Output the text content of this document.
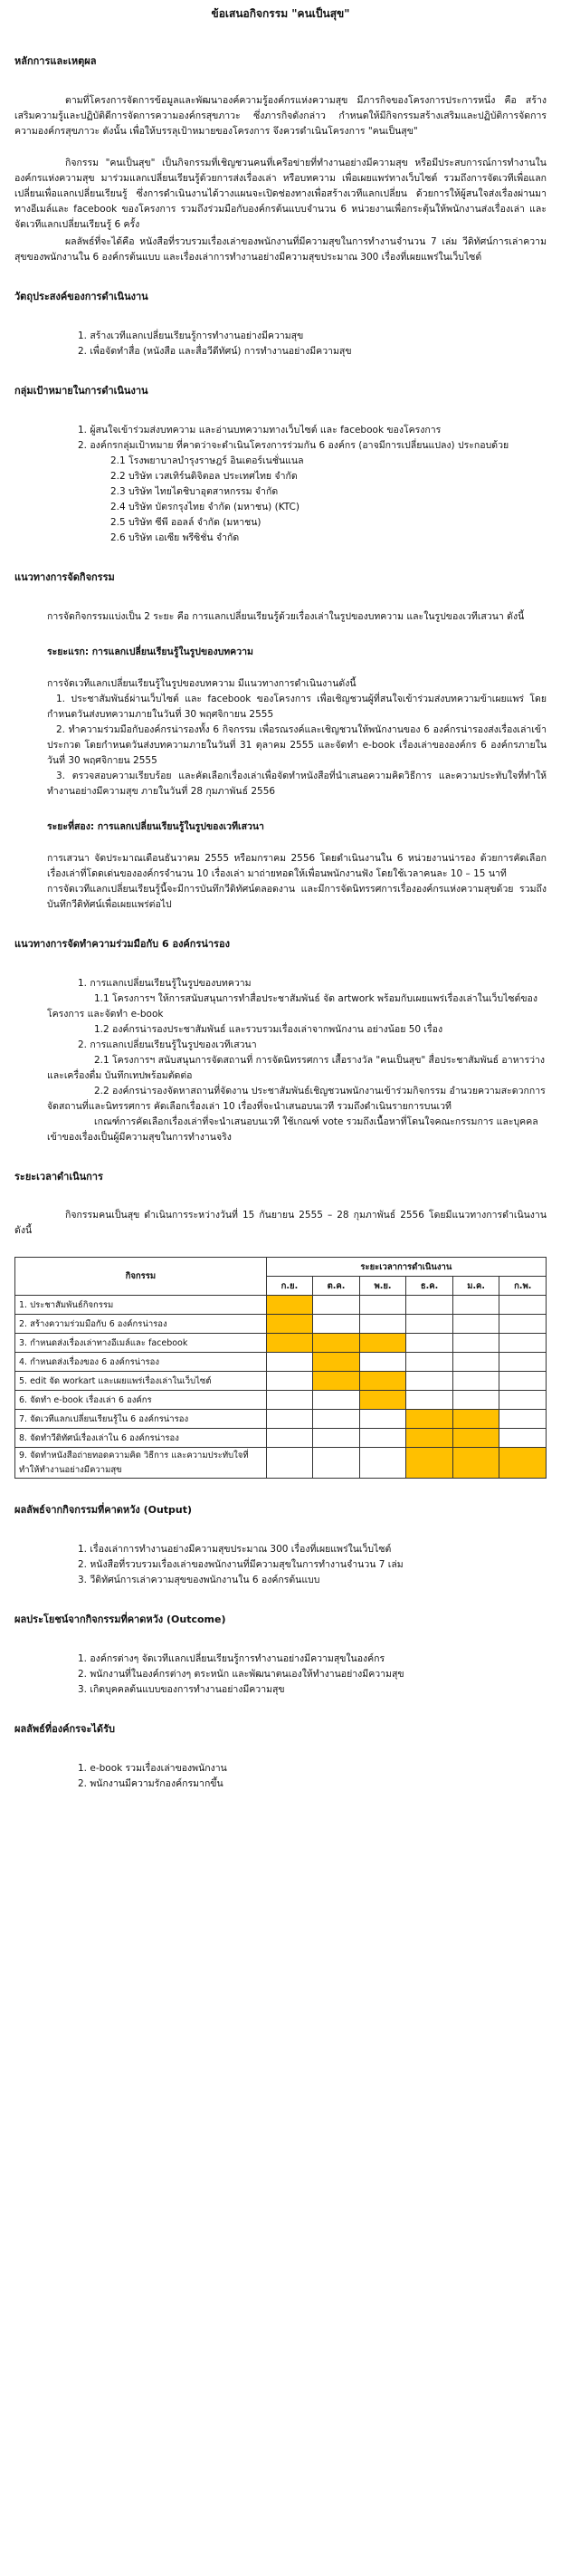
ข้อเสนอกิจกรรม "คนเป็นสุข"
หลักการและเหตุผล
ตามที่โครงการจัดการข้อมูลและพัฒนาองค์ความรู้องค์กรแห่งความสุข มีภารกิจของโครงการประการหนึ่ง คือ สร้างเสริมความรู้และปฏิบัติดีการจัดการความองค์กรสุขภาวะ ซึ่งภารกิจดังกล่าว กำหนดให้มีกิจกรรมสร้างเสริมและปฏิบัติการจัดการความองค์กรสุขภาวะ ดังนั้น เพื่อให้บรรลุเป้าหมายของโครงการ จึงควรดำเนินโครงการ "คนเป็นสุข"
กิจกรรม "คนเป็นสุข" เป็นกิจกรรมที่เชิญชวนคนที่เครือข่ายที่ทำงานอย่างมีความสุข หรือมีประสบการณ์การทำงานในองค์กรแห่งความสุข มาร่วมแลกเปลี่ยนเรียนรู้ด้วยการส่งเรื่องเล่า หรือบทความ เพื่อเผยแพร่ทางเว็บไซต์ รวมถึงการจัดเวทีเพื่อแลกเปลี่ยนเพื่อแลกเปลี่ยนเรียนรู้ ซึ่งการดำเนินงานได้วางแผนจะเปิดช่องทางเพื่อสร้างเวทีแลกเปลี่ยน ด้วยการให้ผู้สนใจส่งเรื่องผ่านมาทางอีเมล์และ facebook ของโครงการ รวมถึงร่วมมือกับองค์กรต้นแบบจำนวน 6 หน่วยงานเพื่อกระตุ้นให้พนักงานส่งเรื่องเล่า และจัดเวทีแลกเปลี่ยนเรียนรู้ 6 ครั้ง
ผลลัพธ์ที่จะได้คือ หนังสือที่รวบรวมเรื่องเล่าของพนักงานที่มีความสุขในการทำงานจำนวน 7 เล่ม วีดิทัศน์การเล่าความสุขของพนักงานใน 6 องค์กรต้นแบบ และเรื่องเล่าการทำงานอย่างมีความสุขประมาณ 300 เรื่องที่เผยแพร่ในเว็บไซต์
วัตถุประสงค์ของการดำเนินงาน
1. สร้างเวทีแลกเปลี่ยนเรียนรู้การทำงานอย่างมีความสุข
2. เพื่อจัดทำสื่อ (หนังสือ และสื่อวีดีทัศน์) การทำงานอย่างมีความสุข
กลุ่มเป้าหมายในการดำเนินงาน
1. ผู้สนใจเข้าร่วมส่งบทความ และอ่านบทความทางเว็บไซต์ และ facebook ของโครงการ
2. องค์กรกลุ่มเป้าหมาย ที่คาดว่าจะดำเนินโครงการร่วมกัน 6 องค์กร (อาจมีการเปลี่ยนแปลง) ประกอบด้วย
2.1 โรงพยาบาลบำรุงราษฎร์ อินเตอร์เนชั่นแนล
2.2 บริษัท เวสเทิร์นดิจิตอล ประเทศไทย จำกัด
2.3 บริษัท ไทยไดชิบาอุตสาหกรรม จำกัด
2.4 บริษัท บัตรกรุงไทย จำกัด (มหาชน) (KTC)
2.5 บริษัท ซีพี ออลล์ จำกัด (มหาชน)
2.6 บริษัท เอเซีย พรีซิชั่น จำกัด
แนวทางการจัดกิจกรรม
การจัดกิจกรรมแบ่งเป็น 2 ระยะ คือ การแลกเปลี่ยนเรียนรู้ด้วยเรื่องเล่าในรูปของบทความ และในรูปของเวทีเสวนา ดังนี้
ระยะแรก: การแลกเปลี่ยนเรียนรู้ในรูปของบทความ
การจัดเวทีแลกเปลี่ยนเรียนรู้ในรูปของบทความ มีแนวทางการดำเนินงานดังนี้
1. ประชาสัมพันธ์ผ่านเว็บไซต์ และ facebook ของโครงการ เพื่อเชิญชวนผู้ที่สนใจเข้าร่วมส่งบทความข้าเผยแพร่ โดยกำหนดวันส่งบทความภายในวันที่ 30 พฤศจิกายน 2555
2. ทำความร่วมมือกับองค์กรน่ารองทั้ง 6 กิจกรรม เพื่อรณรงค์และเชิญชวนให้พนักงานของ 6 องค์กรน่ารองส่งเรื่องเล่าเข้าประกวด โดยกำหนดวันส่งบทความภายในวันที่ 31 ตุลาคม 2555 และจัดทำ e-book เรื่องเล่าขององค์กร 6 องค์กรภายในวันที่ 30 พฤศจิกายน 2555
3. ตรวจสอบความเรียบร้อย และคัดเลือกเรื่องเล่าเพื่อจัดทำหนังสือที่นำเสนอความคิดวิธีการ และความประทับใจที่ทำให้ทำงานอย่างมีความสุข ภายในวันที่ 28 กุมภาพันธ์ 2556
ระยะที่สอง: การแลกเปลี่ยนเรียนรู้ในรูปของเวทีเสวนา
การเสวนา จัดประมาณเดือนธันวาคม 2555 หรือมกราคม 2556 โดยดำเนินงานใน 6 หน่วยงานน่ารอง ด้วยการคัดเลือกเรื่องเล่าที่โดดเด่นขององค์กรจำนวน 10 เรื่องเล่า มาถ่ายทอดให้เพื่อนพนักงานฟัง โดยใช้เวลาคนละ 10 – 15 นาที
การจัดเวทีแลกเปลี่ยนเรียนรู้นี้จะมีการบันทึกวีดิทัศน์ตลอดงาน และมีการจัดนิทรรศการเรื่ององค์กรแห่งความสุขด้วย รวมถึงบันทึกวีดิทัศน์เพื่อเผยแพร่ต่อไป
แนวทางการจัดทำความร่วมมือกับ 6 องค์กรน่ารอง
1. การแลกเปลี่ยนเรียนรู้ในรูปของบทความ
1.1 โครงการฯ ให้การสนับสนุนการทำสื่อประชาสัมพันธ์ จัด artwork พร้อมกับเผยแพร่เรื่องเล่าในเว็บไซต์ของโครงการ และจัดทำ e-book
1.2 องค์กรน่ารองประชาสัมพันธ์ และรวบรวมเรื่องเล่าจากพนักงาน อย่างน้อย 50 เรื่อง
2. การแลกเปลี่ยนเรียนรู้ในรูปของเวทีเสวนา
2.1 โครงการฯ สนับสนุนการจัดสถานที่ การจัดนิทรรศการ เสื้อรางวัล "คนเป็นสุข" สื่อประชาสัมพันธ์ อาหารว่างและเครื่องดื่ม บันทึกเทปพร้อมตัดต่อ
2.2 องค์กรน่ารองจัดหาสถานที่จัดงาน ประชาสัมพันธ์เชิญชวนพนักงานเข้าร่วมกิจกรรม อำนวยความสะดวกการจัดสถานที่และนิทรรศการ คัดเลือกเรื่องเล่า 10 เรื่องที่จะนำเสนอบนเวที รวมถึงดำเนินรายการบนเวที
เกณฑ์การคัดเลือกเรื่องเล่าที่จะนำเสนอบนเวที ใช้เกณฑ์ vote รวมถึงเนื้อหาที่โดนใจคณะกรรมการ และบุคคลเข้าของเรื่องเป็นผู้มีความสุขในการทำงานจริง
ระยะเวลาดำเนินการ
กิจกรรมคนเป็นสุข ดำเนินการระหว่างวันที่ 15 กันยายน 2555 – 28 กุมภาพันธ์ 2556 โดยมีแนวทางการดำเนินงาน ดังนี้
กิจกรรม	ระยะเวลาการดำเนินงาน					
	ก.ย.	ต.ค.	พ.ย.	ธ.ค.	ม.ค.	ก.พ.
1. ประชาสัมพันธ์กิจกรรม						
2. สร้างความร่วมมือกับ 6 องค์กรน่ารอง						
3. กำหนดส่งเรื่องเล่าทางอีเมล์และ facebook						
4. กำหนดส่งเรื่องของ 6 องค์กรน่ารอง						
5. edit จัด workart และเผยแพร่เรื่องเล่าในเว็บไซต์						
6. จัดทำ e-book เรื่องเล่า 6 องค์กร						
7. จัดเวทีแลกเปลี่ยนเรียนรู้ใน 6 องค์กรน่ารอง						
8. จัดทำวีดิทัศน์เรื่องเล่าใน 6 องค์กรน่ารอง						
9. จัดทำหนังสือถ่ายทอดความคิด วิธีการ และความประทับใจที่ทำให้ทำงานอย่างมีความสุข						
ผลลัพธ์จากกิจกรรมที่คาดหวัง (Output)
1. เรื่องเล่าการทำงานอย่างมีความสุขประมาณ 300 เรื่องที่เผยแพร่ในเว็บไซต์
2. หนังสือที่รวบรวมเรื่องเล่าของพนักงานที่มีความสุขในการทำงานจำนวน 7 เล่ม
3. วีดิทัศน์การเล่าความสุขของพนักงานใน 6 องค์กรต้นแบบ
ผลประโยชน์จากกิจกรรมที่คาดหวัง (Outcome)
1. องค์กรต่างๆ จัดเวทีแลกเปลี่ยนเรียนรู้การทำงานอย่างมีความสุขในองค์กร
2. พนักงานที่ในองค์กรต่างๆ ตระหนัก และพัฒนาตนเองให้ทำงานอย่างมีความสุข
3. เกิดบุคคลต้นแบบของการทำงานอย่างมีความสุข
ผลลัพธ์ที่องค์กรจะได้รับ
1. e-book รวมเรื่องเล่าของพนักงาน
2. พนักงานมีความรักองค์กรมากขึ้น
